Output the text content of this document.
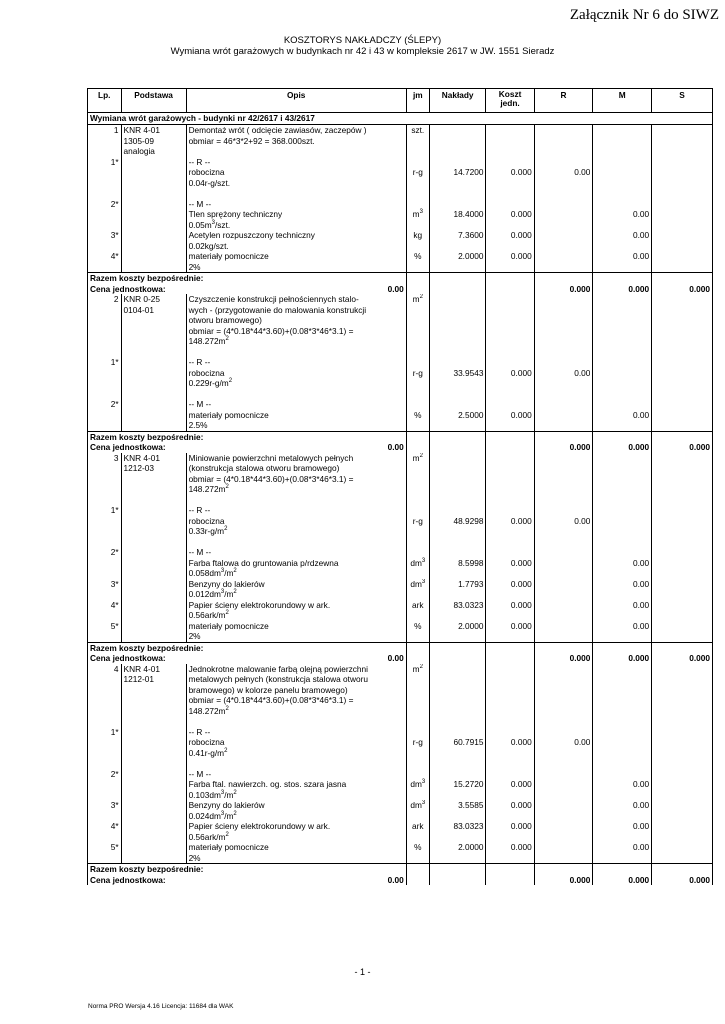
Załącznik Nr 6 do SIWZ
KOSZTORYS NAKŁADCZY (ŚLEPY)
Wymiana wrót garażowych w budynkach nr 42 i 43 w kompleksie 2617 w JW. 1551 Sieradz
Lp.	Podstawa	Opis	jm	Nakłady	Koszt
jedn.	R	M	S
Wymiana wrót garażowych - budynki nr 42/2617 i 43/2617								
1	KNR 4-01
1305-09
analogia	Demontaż wrót ( odcięcie zawiasów, zaczepów )
obmiar = 46*3*2+92 = 368.000szt.	szt.					
1*		-- R --
robocizna
0.04r-g/szt.	r-g	14.7200	0.000	0.00		
2*		-- M --
Tlen sprężony techniczny
$0.05m^3$/szt.	$m^3$	18.4000	0.000		0.00	
3*		Acetylen rozpuszczony techniczny
0.02kg/szt.	kg	7.3600	0.000		0.00	
4*		materiały pomocnicze
2%	%	2.0000	0.000		0.00	
Razem koszty bezpośrednie:
Cena jednostkowa: 0.00						0.000	0.000	0.000
2	KNR 0-25
0104-01	Czyszczenie konstrukcji pełnościennych stalo-
wych - (przygotowanie do malowania konstrukcji
otworu bramowego)
obmiar = (4*0.18*44*3.60)+(0.08*3*46*3.1) =
$148.272m^2$	$m^2$					
1*		-- R --
robocizna
$0.229r-g/m^2$	r-g	33.9543	0.000	0.00		
2*		-- M --
materiały pomocnicze
2.5%	%	2.5000	0.000		0.00	
Razem koszty bezpośrednie:
Cena jednostkowa: 0.00						0.000	0.000	0.000
3	KNR 4-01
1212-03	Miniowanie powierzchni metalowych pełnych
(konstrukcja stalowa otworu bramowego)
obmiar = (4*0.18*44*3.60)+(0.08*3*46*3.1) =
$148.272m^2$	$m^2$					
1*		-- R --
robocizna
$0.33r-g/m^2$	r-g	48.9298	0.000	0.00		
2*		-- M --
Farba ftalowa do gruntowania p/rdzewna
$0.058dm^3/m^2$	$dm^3$	8.5998	0.000		0.00	
3*		Benzyny do lakierów
$0.012dm^3/m^2$	$dm^3$	1.7793	0.000		0.00	
4*		Papier ścieny elektrokorundowy w ark.
$0.56ark/m^2$	ark	83.0323	0.000		0.00	
5*		materiały pomocnicze
2%	%	2.0000	0.000		0.00	
Razem koszty bezpośrednie:
Cena jednostkowa: 0.00						0.000	0.000	0.000
4	KNR 4-01
1212-01	Jednokrotne malowanie farbą olejną powierzchni
metalowych pełnych (konstrukcja stalowa otworu
bramowego) w kolorze panelu bramowego)
obmiar = (4*0.18*44*3.60)+(0.08*3*46*3.1) =
$148.272m^2$	$m^2$					
1*		-- R --
robocizna
$0.41r-g/m^2$	r-g	60.7915	0.000	0.00		
2*		-- M --
Farba ftal. nawierzch. og. stos. szara jasna
$0.103dm^3/m^2$	$dm^3$	15.2720	0.000		0.00	
3*		Benzyny do lakierów
$0.024dm^3/m^2$	$dm^3$	3.5585	0.000		0.00	
4*		Papier ścieny elektrokorundowy w ark.
$0.56ark/m^2$	ark	83.0323	0.000		0.00	
5*		materiały pomocnicze
2%	%	2.0000	0.000		0.00	
Razem koszty bezpośrednie:
Cena jednostkowa: 0.00						0.000	0.000	0.000
- 1 -
Norma PRO Wersja 4.16 Licencja: 11684 dla WAK
